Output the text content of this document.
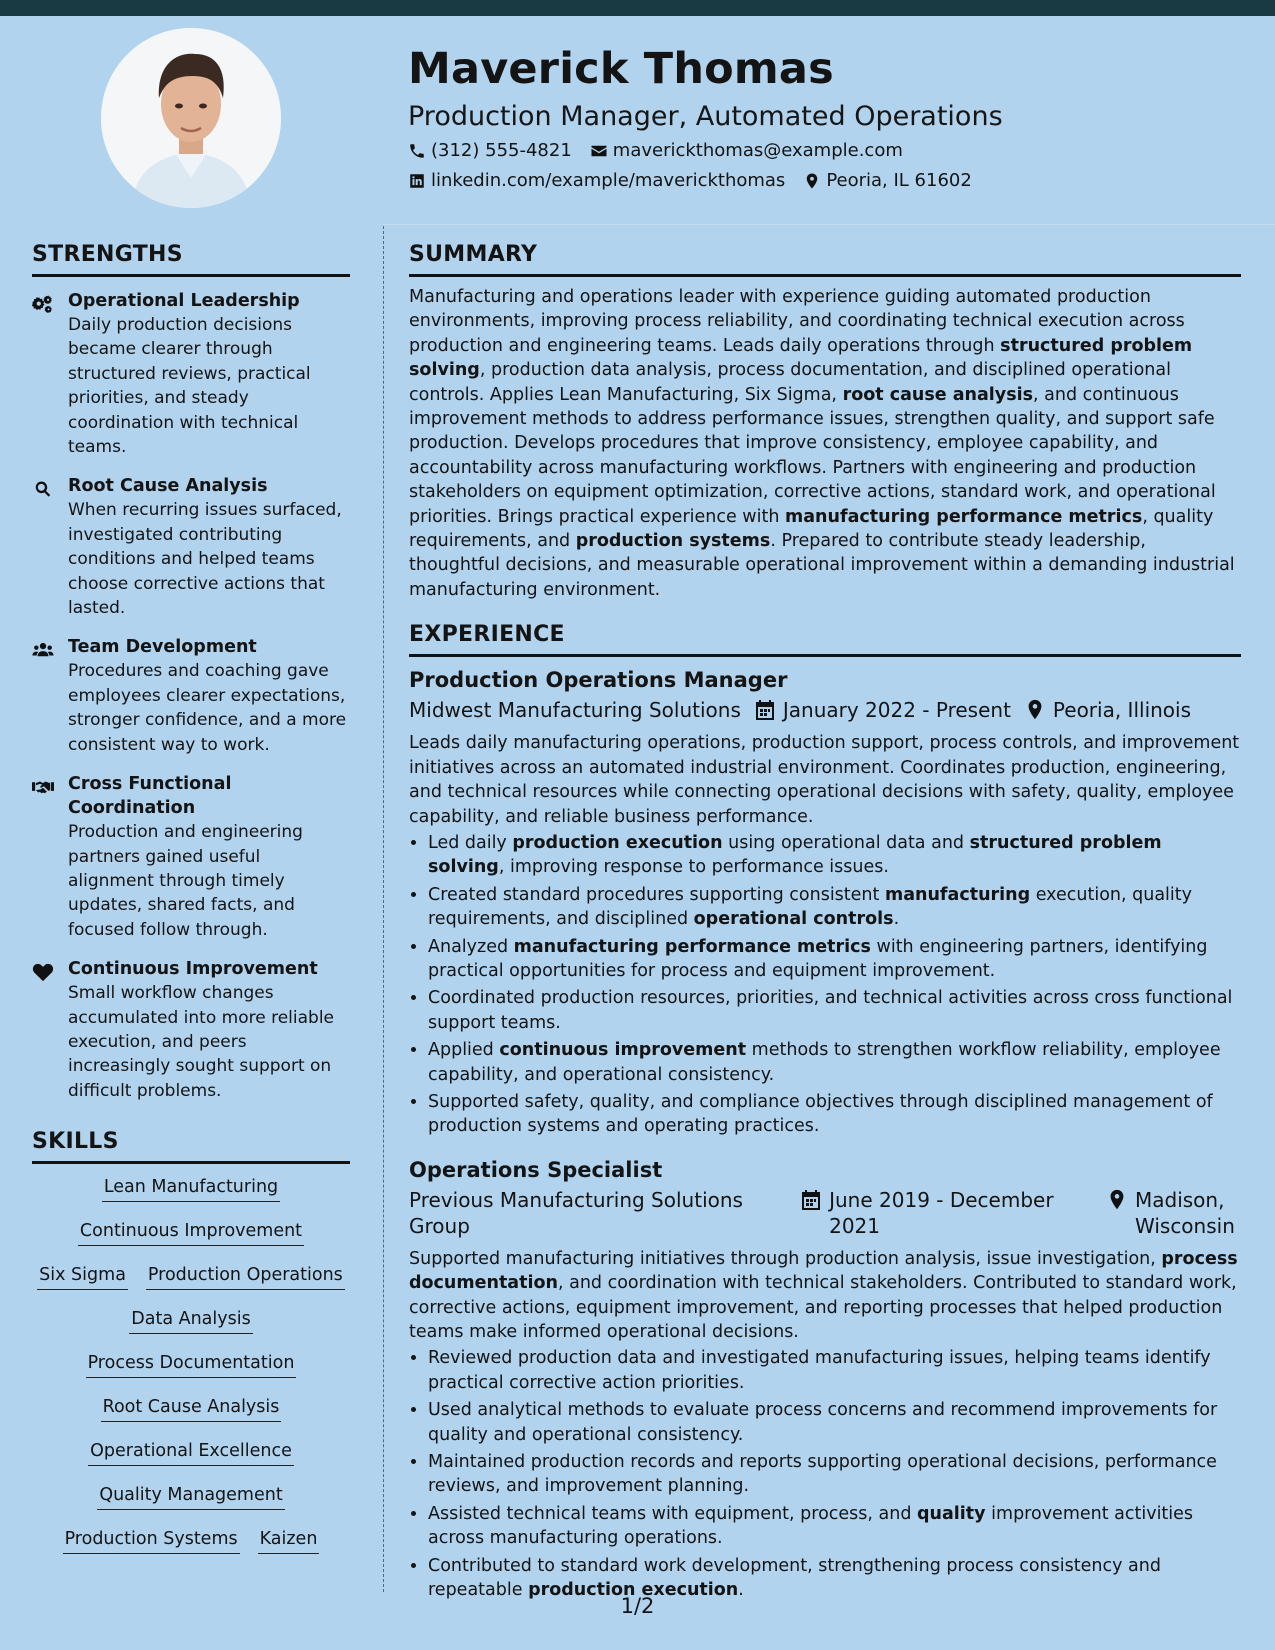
Maverick Thomas
Production Manager, Automated Operations
(312) 555-4821 maverickthomas@example.com
linkedin.com/example/maverickthomas Peoria, IL 61602
STRENGTHS
Operational Leadership
Daily production decisions became clearer through structured reviews, practical priorities, and steady coordination with technical teams.
Root Cause Analysis
When recurring issues surfaced, investigated contributing conditions and helped teams choose corrective actions that lasted.
Team Development
Procedures and coaching gave employees clearer expectations, stronger confidence, and a more consistent way to work.
Cross Functional Coordination
Production and engineering partners gained useful alignment through timely updates, shared facts, and focused follow through.
Continuous Improvement
Small workflow changes accumulated into more reliable execution, and peers increasingly sought support on difficult problems.
SKILLS
Lean Manufacturing
Continuous Improvement
Six Sigma Production Operations
Data Analysis
Process Documentation
Root Cause Analysis
Operational Excellence
Quality Management
Production Systems Kaizen
SUMMARY

Manufacturing and operations leader with experience guiding automated production environments, improving process reliability, and coordinating technical execution across production and engineering teams. Leads daily operations through structured problem solving, production data analysis, process documentation, and disciplined operational controls. Applies Lean Manufacturing, Six Sigma, root cause analysis, and continuous improvement methods to address performance issues, strengthen quality, and support safe production. Develops procedures that improve consistency, employee capability, and accountability across manufacturing workflows. Partners with engineering and production stakeholders on equipment optimization, corrective actions, standard work, and operational priorities. Brings practical experience with manufacturing performance metrics, quality requirements, and production systems. Prepared to contribute steady leadership, thoughtful decisions, and measurable operational improvement within a demanding industrial manufacturing environment.

EXPERIENCE
Production Operations Manager
Midwest Manufacturing Solutions January 2022 - Present Peoria, Illinois

Leads daily manufacturing operations, production support, process controls, and improvement initiatives across an automated industrial environment. Coordinates production, engineering, and technical resources while connecting operational decisions with safety, quality, employee capability, and reliable business performance.

• Led daily production execution using operational data and structured problem solving, improving response to performance issues.
• Created standard procedures supporting consistent manufacturing execution, quality requirements, and disciplined operational controls.
• Analyzed manufacturing performance metrics with engineering partners, identifying practical opportunities for process and equipment improvement.
• Coordinated production resources, priorities, and technical activities across cross functional support teams.
• Applied continuous improvement methods to strengthen workflow reliability, employee capability, and operational consistency.
• Supported safety, quality, and compliance objectives through disciplined management of production systems and operating practices.
Operations Specialist
Previous Manufacturing Solutions Group
June 2019 - December 2021
Madison, Wisconsin

Supported manufacturing initiatives through production analysis, issue investigation, process documentation, and coordination with technical stakeholders. Contributed to standard work, corrective actions, equipment improvement, and reporting processes that helped production teams make informed operational decisions.

• Reviewed production data and investigated manufacturing issues, helping teams identify practical corrective action priorities.
• Used analytical methods to evaluate process concerns and recommend improvements for quality and operational consistency.
• Maintained production records and reports supporting operational decisions, performance reviews, and improvement planning.
• Assisted technical teams with equipment, process, and quality improvement activities across manufacturing operations.
• Contributed to standard work development, strengthening process consistency and repeatable production execution.
1/2
